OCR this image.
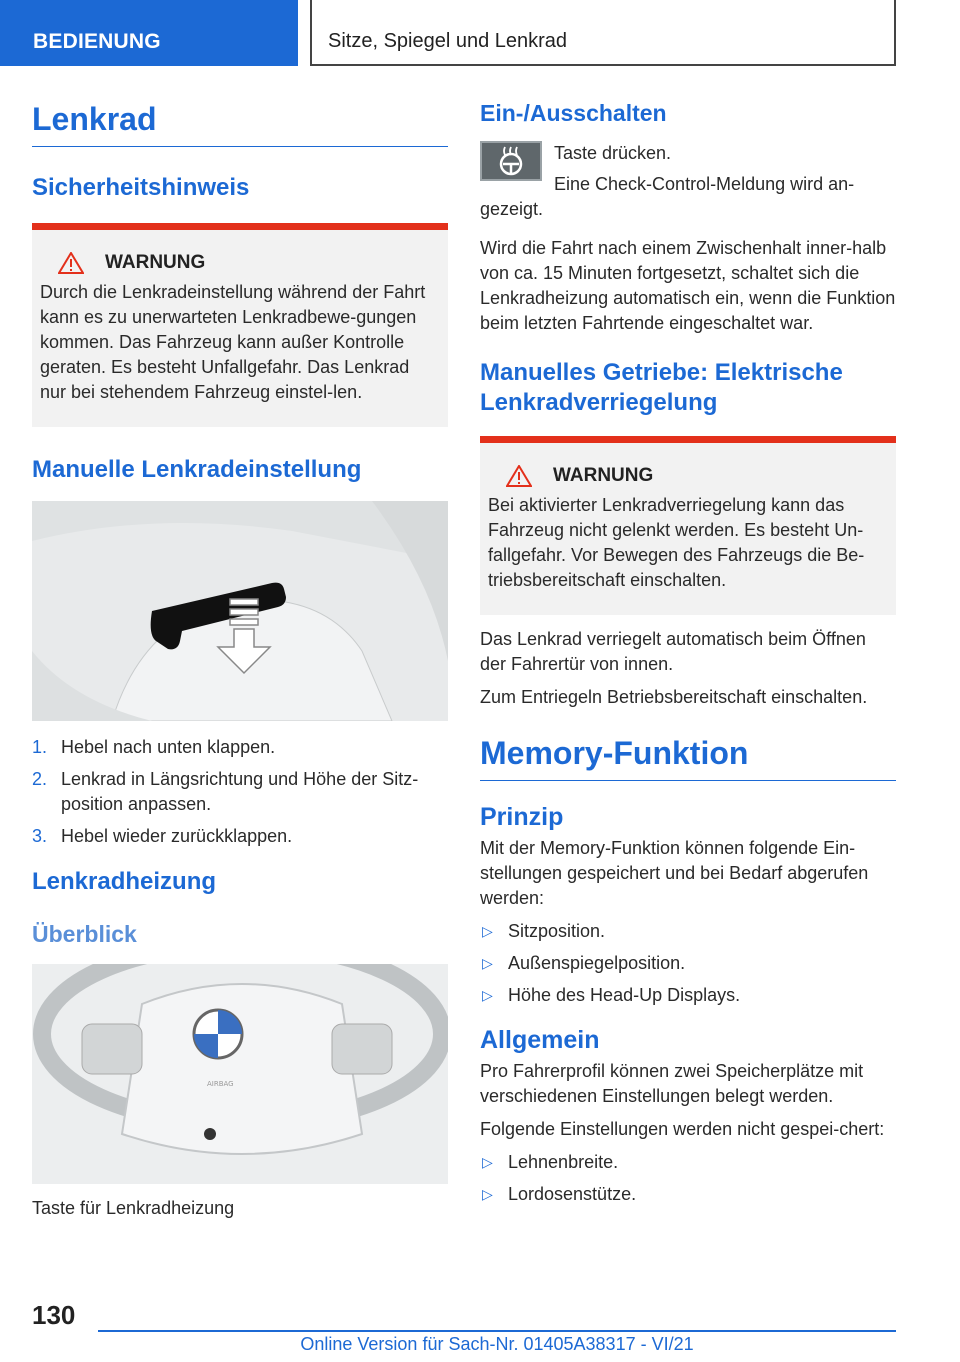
BEDIENUNG	Sitze, Spiegel und Lenkrad
Lenkrad
Sicherheitshinweis
WARNUNG

Durch die Lenkradeinstellung während der Fahrt kann es zu unerwarteten Lenkradbewe-gungen kommen. Das Fahrzeug kann außer Kontrolle geraten. Es besteht Unfallgefahr. Das Lenkrad nur bei stehendem Fahrzeug einstel-len.

Manuelle Lenkradeinstellung
1. Hebel nach unten klappen.
2. Lenkrad in Längsrichtung und Höhe der Sitz-position anpassen.
3. Hebel wieder zurückklappen.
Lenkradheizung
Überblick
AIRBAG

Taste für Lenkradheizung

Ein-/Ausschalten

Taste drücken.

Eine Check-Control-Meldung wird an-gezeigt.

Wird die Fahrt nach einem Zwischenhalt inner-halb von ca. 15 Minuten fortgesetzt, schaltet sich die Lenkradheizung automatisch ein, wenn die Funktion beim letzten Fahrtende eingeschaltet war.

Manuelles Getriebe: Elektrische Lenkradverriegelung
WARNUNG

Bei aktivierter Lenkradverriegelung kann das Fahrzeug nicht gelenkt werden. Es besteht Un-fallgefahr. Vor Bewegen des Fahrzeugs die Be-triebsbereitschaft einschalten.

Das Lenkrad verriegelt automatisch beim Öffnen der Fahrertür von innen.

Zum Entriegeln Betriebsbereitschaft einschalten.

Memory-Funktion
Prinzip

Mit der Memory-Funktion können folgende Ein-stellungen gespeichert und bei Bedarf abgerufen werden:

▷ Sitzposition.
▷ Außenspiegelposition.
▷ Höhe des Head-Up Displays.
Allgemein

Pro Fahrerprofil können zwei Speicherplätze mit verschiedenen Einstellungen belegt werden.

Folgende Einstellungen werden nicht gespei-chert:

▷ Lehnenbreite.
▷ Lordosenstütze.
130
Online Version für Sach-Nr. 01405A38317 - VI/21
